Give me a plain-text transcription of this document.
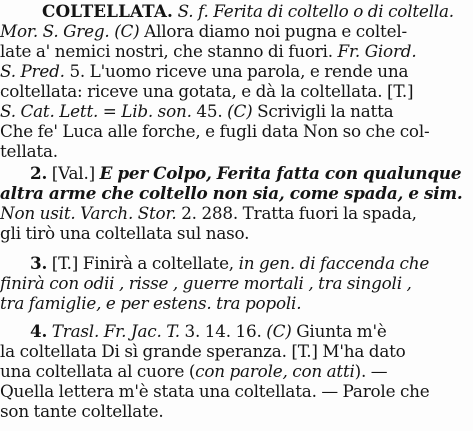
COLTELLATA. S. f. Ferita di coltello o di coltella.
Mor. S. Greg. (C) Allora diamo noi pugna e coltel-
late a' nemici nostri, che stanno di fuori. Fr. Giord.
S. Pred. 5. L'uomo riceve una parola, e rende una
coltellata: riceve una gotata, e dà la coltellata. [T.]
S. Cat. Lett. = Lib. son. 45. (C) Scrivigli la natta
Che fe' Luca alle forche, e fugli data Non so che col-
tellata.
2. [Val.] E per Colpo, Ferita fatta con qualunque
altra arme che coltello non sia, come spada, e sim.
Non usit. Varch. Stor. 2. 288. Tratta fuori la spada,
gli tirò una coltellata sul naso.
3. [T.] Finirà a coltellate, in gen. di faccenda che
finirà con odii , risse , guerre mortali , tra singoli ,
tra famiglie, e per estens. tra popoli.
4. Trasl. Fr. Jac. T. 3. 14. 16. (C) Giunta m'è
la coltellata Di sì grande speranza. [T.] M'ha dato
una coltellata al cuore (con parole, con atti). —
Quella lettera m'è stata una coltellata. — Parole che
son tante coltellate.
